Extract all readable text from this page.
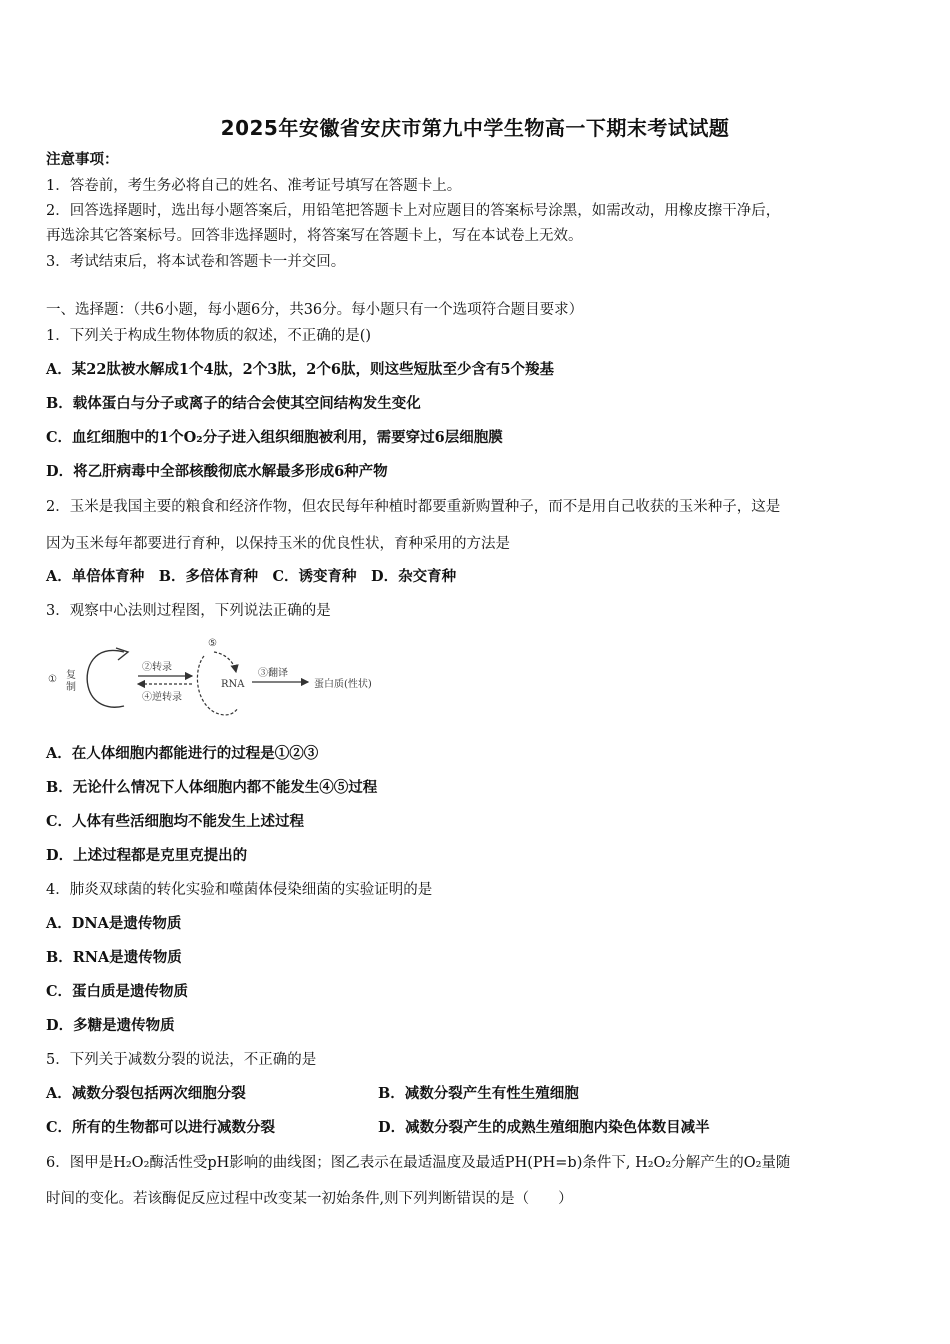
2025年安徽省安庆市第九中学生物高一下期末考试试题
注意事项：
1．答卷前，考生务必将自己的姓名、准考证号填写在答题卡上。
2．回答选择题时，选出每小题答案后，用铅笔把答题卡上对应题目的答案标号涂黑，如需改动，用橡皮擦干净后，
再选涂其它答案标号。回答非选择题时，将答案写在答题卡上，写在本试卷上无效。
3．考试结束后，将本试卷和答题卡一并交回。
一、选择题：（共6小题，每小题6分，共36分。每小题只有一个选项符合题目要求）
1．下列关于构成生物体物质的叙述，不正确的是()
A．某22肽被水解成1个4肽，2个3肽，2个6肽，则这些短肽至少含有5个羧基
B．载体蛋白与分子或离子的结合会使其空间结构发生变化
C．血红细胞中的1个O₂分子进入组织细胞被利用，需要穿过6层细胞膜
D．将乙肝病毒中全部核酸彻底水解最多形成6种产物
2．玉米是我国主要的粮食和经济作物，但农民每年种植时都要重新购置种子，而不是用自己收获的玉米种子，这是
因为玉米每年都要进行育种，以保持玉米的优良性状，育种采用的方法是
A．单倍体育种　B．多倍体育种　C．诱变育种　D．杂交育种
3．观察中心法则过程图，下列说法正确的是
① 复
制
②转录
④逆转录
⑤
RNA
③翻译
蛋白质(性状)
A．在人体细胞内都能进行的过程是①②③
B．无论什么情况下人体细胞内都不能发生④⑤过程
C．人体有些活细胞均不能发生上述过程
D．上述过程都是克里克提出的
4．肺炎双球菌的转化实验和噬菌体侵染细菌的实验证明的是
A．DNA是遗传物质
B．RNA是遗传物质
C．蛋白质是遗传物质
D．多糖是遗传物质
5．下列关于减数分裂的说法，不正确的是
A．减数分裂包括两次细胞分裂	B．减数分裂产生有性生殖细胞
C．所有的生物都可以进行减数分裂	D．减数分裂产生的成熟生殖细胞内染色体数目减半
6．图甲是H₂O₂酶活性受pH影响的曲线图；图乙表示在最适温度及最适PH(PH=b)条件下, H₂O₂分解产生的O₂量随
时间的变化。若该酶促反应过程中改变某一初始条件,则下列判断错误的是（　　）
